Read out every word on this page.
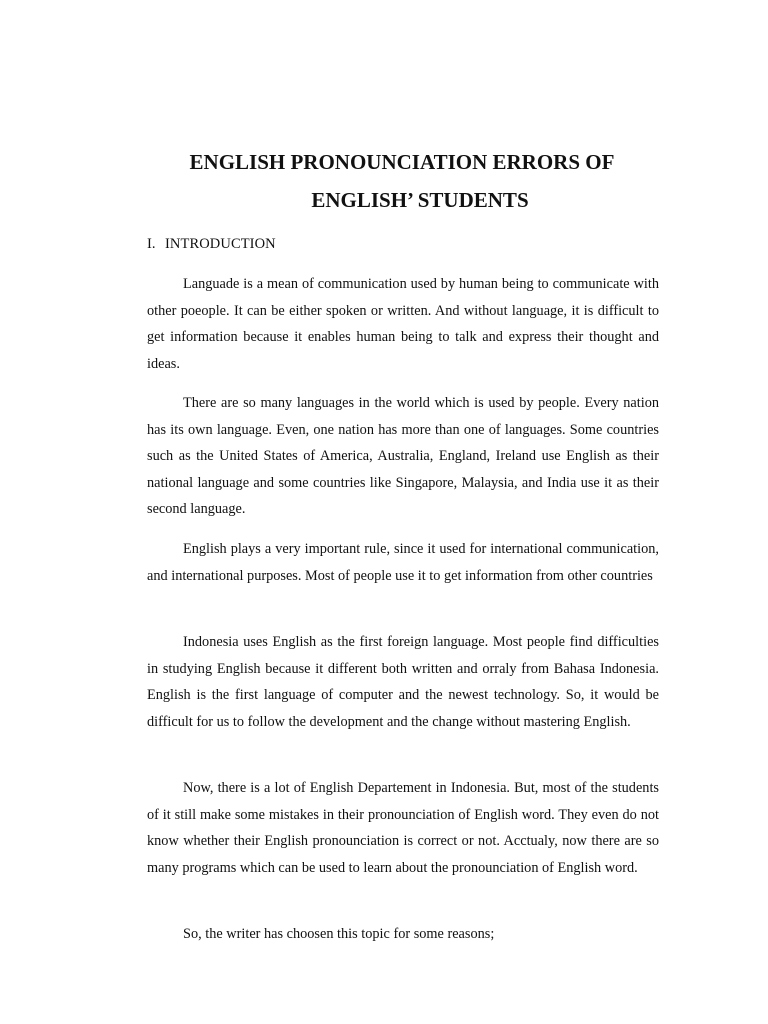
ENGLISH PRONOUNCIATION ERRORS OF
ENGLISH’ STUDENTS
I. INTRODUCTION

Languade is a mean of communication used by human being to communicate with other poeople. It can be either spoken or written. And without language, it is difficult to get information because it enables human being to talk and express their thought and ideas.

There are so many languages in the world which is used by people. Every nation has its own language. Even, one nation has more than one of languages. Some countries such as the United States of America, Australia, England, Ireland use English as their national language and some countries like Singapore, Malaysia, and India use it as their second language.

English plays a very important rule, since it used for international communication, and international purposes. Most of people use it to get information from other countries

Indonesia uses English as the first foreign language. Most people find difficulties in studying English because it different both written and orraly from Bahasa Indonesia. English is the first language of computer and the newest technology. So, it would be difficult for us to follow the development and the change without mastering English.

Now, there is a lot of English Departement in Indonesia. But, most of the students of it still make some mistakes in their pronounciation of English word. They even do not know whether their English pronounciation is correct or not. Acctualy, now there are so many programs which can be used to learn about the pronounciation of English word.

So, the writer has choosen this topic for some reasons;
